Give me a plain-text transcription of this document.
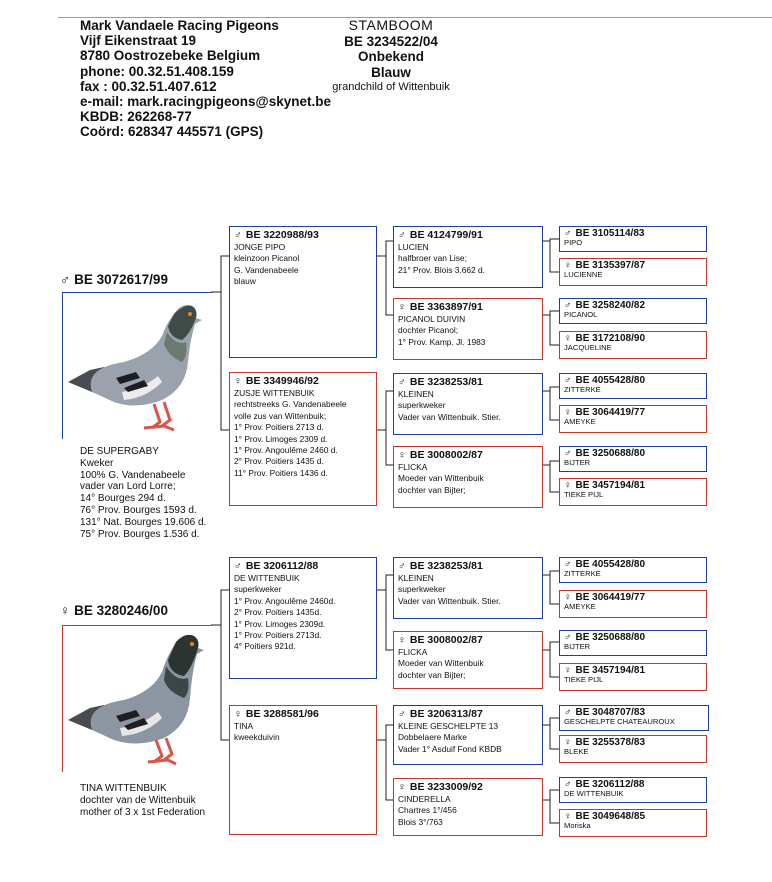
Mark Vandaele Racing Pigeons
Vijf Eikenstraat 19
8780 Oostrozebeke Belgium
phone: 00.32.51.408.159
fax : 00.32.51.407.612
e-mail: mark.racingpigeons@skynet.be
KBDB: 262268-77
Coörd: 628347 445571 (GPS)
STAMBOOM
BE 3234522/04
Onbekend
Blauw
grandchild of Wittenbuik
♂ BE 3072617/99
DE SUPERGABY
Kweker
100% G. Vandenabeele
vader van Lord Lorre;
14° Bourges 294 d.
76° Prov. Bourges 1593 d.
131° Nat. Bourges 19.606 d.
75° Prov. Bourges 1.536 d.
♀ BE 3280246/00
TINA WITTENBUIK
dochter van de Wittenbuik
mother of 3 x 1st Federation
♂ BE 3220988/93
JONGE PIPO
kleinzoon Picanol
G. Vandenabeele
blauw
♀ BE 3349946/92
ZUSJE WITTENBUIK
rechtstreeks G. Vandenabeele
volle zus van Wittenbuik;
1° Prov. Poitiers 2713 d.
1° Prov. Limoges 2309 d.
1° Prov. Angoulême 2460 d.
2° Prov. Poitiers 1435 d.
11° Prov. Poitiers 1436 d.
♂ BE 3206112/88
DE WITTENBUIK
superkweker
1° Prov. Angoulême 2460d.
2° Prov. Poitiers 1435d.
1° Prov. Limoges 2309d.
1° Prov. Poitiers 2713d.
4° Poitiers 921d.
♀ BE 3288581/96
TINA
kweekduivin
♂ BE 4124799/91
LUCIEN
halfbroer van Lise;
21° Prov. Blois 3.662 d.
♀ BE 3363897/91
PICANOL DUIVIN
dochter Picanol;
1° Prov. Kamp. Jl. 1983
♂ BE 3238253/81
KLEINEN
superkweker
Vader van Wittenbuik. Stier.
♀ BE 3008002/87
FLICKA
Moeder van Wittenbuik
dochter van Bijter;
♂ BE 3238253/81
KLEINEN
superkweker
Vader van Wittenbuik. Stier.
♀ BE 3008002/87
FLICKA
Moeder van Wittenbuik
dochter van Bijter;
♂ BE 3206313/87
KLEINE GESCHELPTE 13
Dobbelaere Marke
Vader 1° Asduif Fond KBDB
♀ BE 3233009/92
CINDERELLA
Chartres 1°/456
Blois 3°/763
♂ BE 3105114/83
PIPO
♀ BE 3135397/87
LUCIENNE
♂ BE 3258240/82
PICANOL
♀ BE 3172108/90
JACQUELINE
♂ BE 4055428/80
ZITTERKE
♀ BE 3064419/77
AMEYKE
♂ BE 3250688/80
BIJTER
♀ BE 3457194/81
TIEKE PIJL
♂ BE 4055428/80
ZITTERKE
♀ BE 3064419/77
AMEYKE
♂ BE 3250688/80
BIJTER
♀ BE 3457194/81
TIEKE PIJL
♂ BE 3048707/83
GESCHELPTE CHATEAUROUX
♀ BE 3255378/83
BLEKE
♂ BE 3206112/88
DE WITTENBUIK
♀ BE 3049648/85
Moriska
